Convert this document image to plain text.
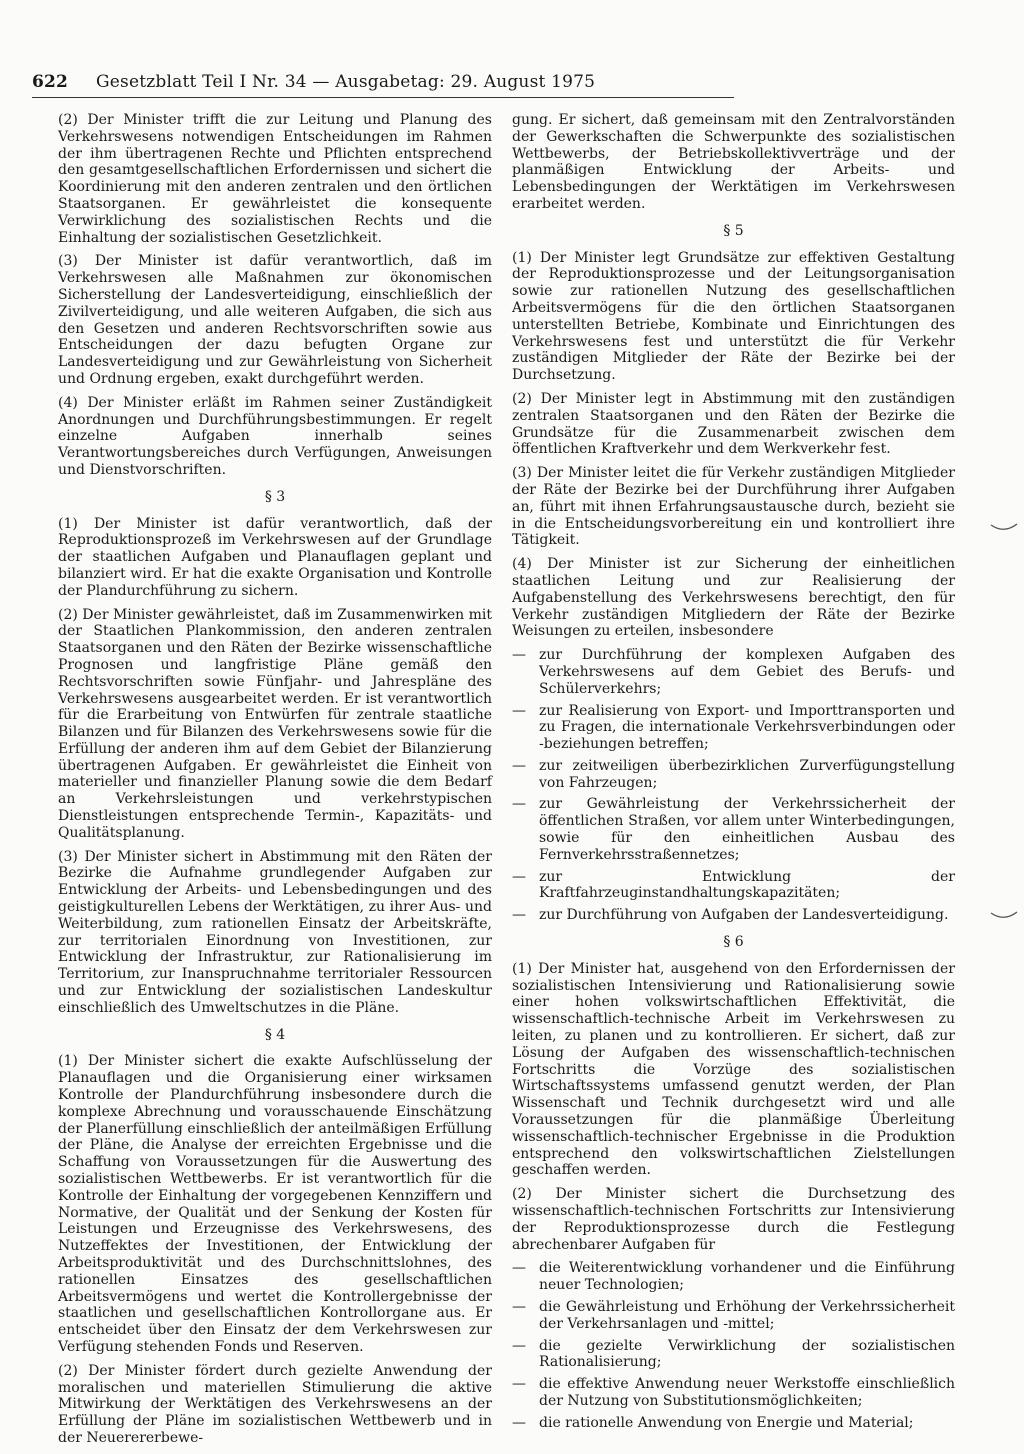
622 Gesetzblatt Teil I Nr. 34 — Ausgabetag: 29. August 1975

(2) Der Minister trifft die zur Leitung und Planung des Verkehrswesens notwendigen Entscheidungen im Rahmen der ihm übertragenen Rechte und Pflichten entsprechend den gesamtgesellschaftlichen Erfordernissen und sichert die Koordinierung mit den anderen zentralen und den örtlichen Staatsorganen. Er gewährleistet die konsequente Verwirklichung des sozialistischen Rechts und die Einhaltung der sozialistischen Gesetzlichkeit.

(3) Der Minister ist dafür verantwortlich, daß im Verkehrswesen alle Maßnahmen zur ökonomischen Sicherstellung der Landesverteidigung, einschließlich der Zivilverteidigung, und alle weiteren Aufgaben, die sich aus den Gesetzen und anderen Rechtsvorschriften sowie aus Entscheidungen der dazu befugten Organe zur Landesverteidigung und zur Gewährleistung von Sicherheit und Ordnung ergeben, exakt durchgeführt werden.

(4) Der Minister erläßt im Rahmen seiner Zuständigkeit Anordnungen und Durchführungsbestimmungen. Er regelt einzelne Aufgaben innerhalb seines Verantwortungsbereiches durch Verfügungen, Anweisungen und Dienstvorschriften.

§ 3

(1) Der Minister ist dafür verantwortlich, daß der Reproduktionsprozeß im Verkehrswesen auf der Grundlage der staatlichen Aufgaben und Planauflagen geplant und bilanziert wird. Er hat die exakte Organisation und Kontrolle der Plandurchführung zu sichern.

(2) Der Minister gewährleistet, daß im Zusammenwirken mit der Staatlichen Plankommission, den anderen zentralen Staatsorganen und den Räten der Bezirke wissenschaftliche Prognosen und langfristige Pläne gemäß den Rechtsvorschriften sowie Fünfjahr- und Jahrespläne des Verkehrswesens ausgearbeitet werden. Er ist verantwortlich für die Erarbeitung von Entwürfen für zentrale staatliche Bilanzen und für Bilanzen des Verkehrswesens sowie für die Erfüllung der anderen ihm auf dem Gebiet der Bilanzierung übertragenen Aufgaben. Er gewährleistet die Einheit von materieller und finanzieller Planung sowie die dem Bedarf an Verkehrsleistungen und verkehrstypischen Dienstleistungen entsprechende Termin-, Kapazitäts- und Qualitätsplanung.

(3) Der Minister sichert in Abstimmung mit den Räten der Bezirke die Aufnahme grundlegender Aufgaben zur Entwicklung der Arbeits- und Lebensbedingungen und des geistigkulturellen Lebens der Werktätigen, zu ihrer Aus- und Weiterbildung, zum rationellen Einsatz der Arbeitskräfte, zur territorialen Einordnung von Investitionen, zur Entwicklung der Infrastruktur, zur Rationalisierung im Territorium, zur Inanspruchnahme territorialer Ressourcen und zur Entwicklung der sozialistischen Landeskultur einschließlich des Umweltschutzes in die Pläne.

§ 4

(1) Der Minister sichert die exakte Aufschlüsselung der Planauflagen und die Organisierung einer wirksamen Kontrolle der Plandurchführung insbesondere durch die komplexe Abrechnung und vorausschauende Einschätzung der Planerfüllung einschließlich der anteilmäßigen Erfüllung der Pläne, die Analyse der erreichten Ergebnisse und die Schaffung von Voraussetzungen für die Auswertung des sozialistischen Wettbewerbs. Er ist verantwortlich für die Kontrolle der Einhaltung der vorgegebenen Kennziffern und Normative, der Qualität und der Senkung der Kosten für Leistungen und Erzeugnisse des Verkehrswesens, des Nutzeffektes der Investitionen, der Entwicklung der Arbeitsproduktivität und des Durchschnittslohnes, des rationellen Einsatzes des gesellschaftlichen Arbeitsvermögens und wertet die Kontrollergebnisse der staatlichen und gesellschaftlichen Kontrollorgane aus. Er entscheidet über den Einsatz der dem Verkehrswesen zur Verfügung stehenden Fonds und Reserven.

(2) Der Minister fördert durch gezielte Anwendung der moralischen und materiellen Stimulierung die aktive Mitwirkung der Werktätigen des Verkehrswesens an der Erfüllung der Pläne im sozialistischen Wettbewerb und in der Neuerererbewe-

gung. Er sichert, daß gemeinsam mit den Zentralvorständen der Gewerkschaften die Schwerpunkte des sozialistischen Wettbewerbs, der Betriebskollektivverträge und der planmäßigen Entwicklung der Arbeits- und Lebensbedingungen der Werktätigen im Verkehrswesen erarbeitet werden.

§ 5

(1) Der Minister legt Grundsätze zur effektiven Gestaltung der Reproduktionsprozesse und der Leitungsorganisation sowie zur rationellen Nutzung des gesellschaftlichen Arbeitsvermögens für die den örtlichen Staatsorganen unterstellten Betriebe, Kombinate und Einrichtungen des Verkehrswesens fest und unterstützt die für Verkehr zuständigen Mitglieder der Räte der Bezirke bei der Durchsetzung.

(2) Der Minister legt in Abstimmung mit den zuständigen zentralen Staatsorganen und den Räten der Bezirke die Grundsätze für die Zusammenarbeit zwischen dem öffentlichen Kraftverkehr und dem Werkverkehr fest.

(3) Der Minister leitet die für Verkehr zuständigen Mitglieder der Räte der Bezirke bei der Durchführung ihrer Aufgaben an, führt mit ihnen Erfahrungsaustausche durch, bezieht sie in die Entscheidungsvorbereitung ein und kontrolliert ihre Tätigkeit.

(4) Der Minister ist zur Sicherung der einheitlichen staatlichen Leitung und zur Realisierung der Aufgabenstellung des Verkehrswesens berechtigt, den für Verkehr zuständigen Mitgliedern der Räte der Bezirke Weisungen zu erteilen, insbesondere

— zur Durchführung der komplexen Aufgaben des Verkehrswesens auf dem Gebiet des Berufs- und Schülerverkehrs;
— zur Realisierung von Export- und Importtransporten und zu Fragen, die internationale Verkehrsverbindungen oder -beziehungen betreffen;
— zur zeitweiligen überbezirklichen Zurverfügungstellung von Fahrzeugen;
— zur Gewährleistung der Verkehrssicherheit der öffentlichen Straßen, vor allem unter Winterbedingungen, sowie für den einheitlichen Ausbau des Fernverkehrsstraßennetzes;
— zur Entwicklung der Kraftfahrzeuginstandhaltungskapazitäten;
— zur Durchführung von Aufgaben der Landesverteidigung.
§ 6

(1) Der Minister hat, ausgehend von den Erfordernissen der sozialistischen Intensivierung und Rationalisierung sowie einer hohen volkswirtschaftlichen Effektivität, die wissenschaftlich-technische Arbeit im Verkehrswesen zu leiten, zu planen und zu kontrollieren. Er sichert, daß zur Lösung der Aufgaben des wissenschaftlich-technischen Fortschritts die Vorzüge des sozialistischen Wirtschaftssystems umfassend genutzt werden, der Plan Wissenschaft und Technik durchgesetzt wird und alle Voraussetzungen für die planmäßige Überleitung wissenschaftlich-technischer Ergebnisse in die Produktion entsprechend den volkswirtschaftlichen Zielstellungen geschaffen werden.

(2) Der Minister sichert die Durchsetzung des wissenschaftlich-technischen Fortschritts zur Intensivierung der Reproduktionsprozesse durch die Festlegung abrechenbarer Aufgaben für

— die Weiterentwicklung vorhandener und die Einführung neuer Technologien;
— die Gewährleistung und Erhöhung der Verkehrssicherheit der Verkehrsanlagen und -mittel;
— die gezielte Verwirklichung der sozialistischen Rationalisierung;
— die effektive Anwendung neuer Werkstoffe einschließlich der Nutzung von Substitutionsmöglichkeiten;
— die rationelle Anwendung von Energie und Material;
